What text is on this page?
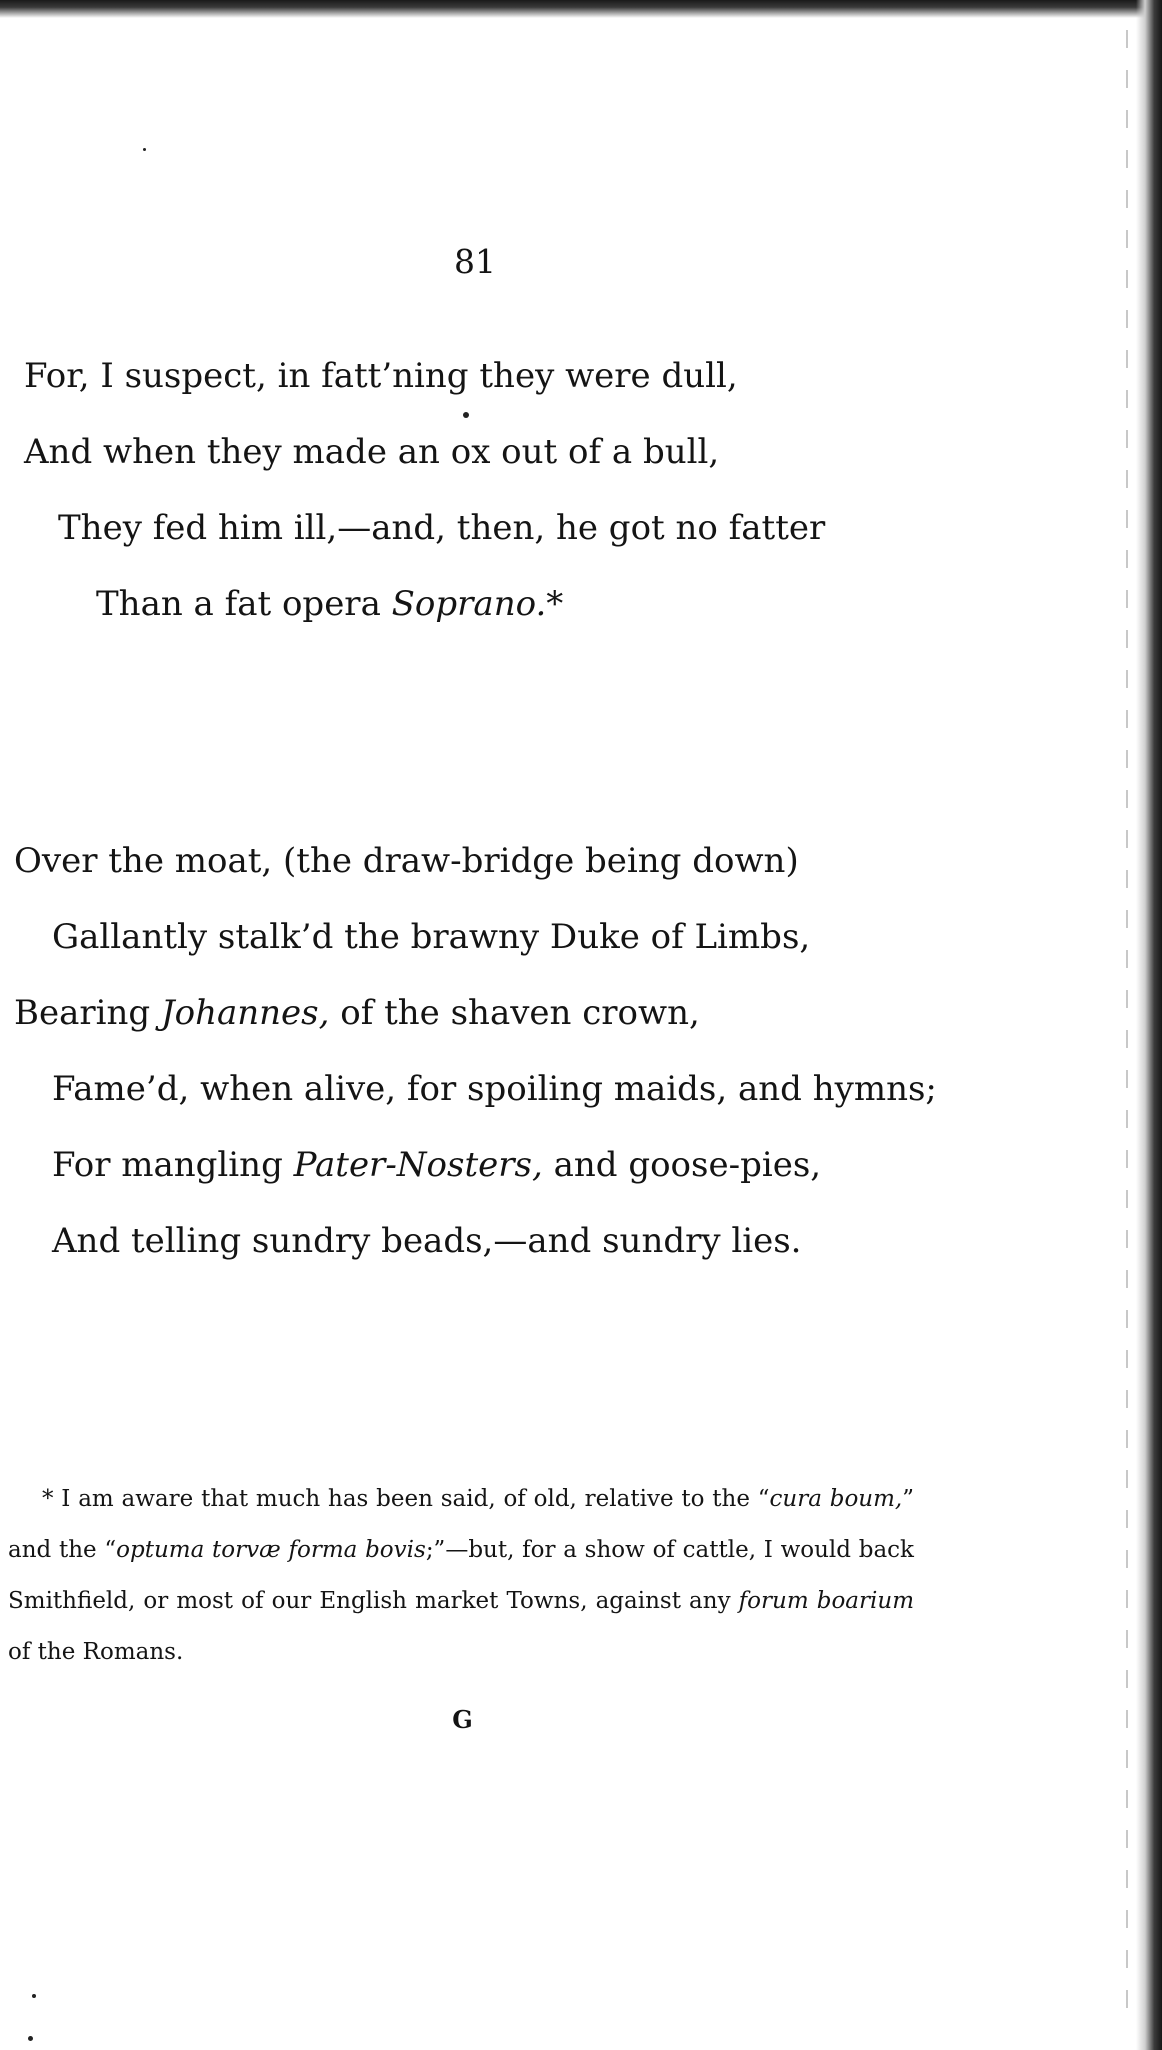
81
For, I suspect, in fatt’ning they were dull,
And when they made an ox out of a bull,
They fed him ill,—and, then, he got no fatter
Than a fat opera Soprano.*
Over the moat, (the draw-bridge being down)
Gallantly stalk’d the brawny Duke of Limbs,
Bearing Johannes, of the shaven crown,
Fame’d, when alive, for spoiling maids, and hymns;
For mangling Pater-Nosters, and goose-pies,
And telling sundry beads,—and sundry lies.
* I am aware that much has been said, of old, relative to the “cura boum,” and the “optuma torvæ forma bovis;”—but, for a show of cattle, I would back Smithfield, or most of our English market Towns, against any forum boarium of the Romans.
G
